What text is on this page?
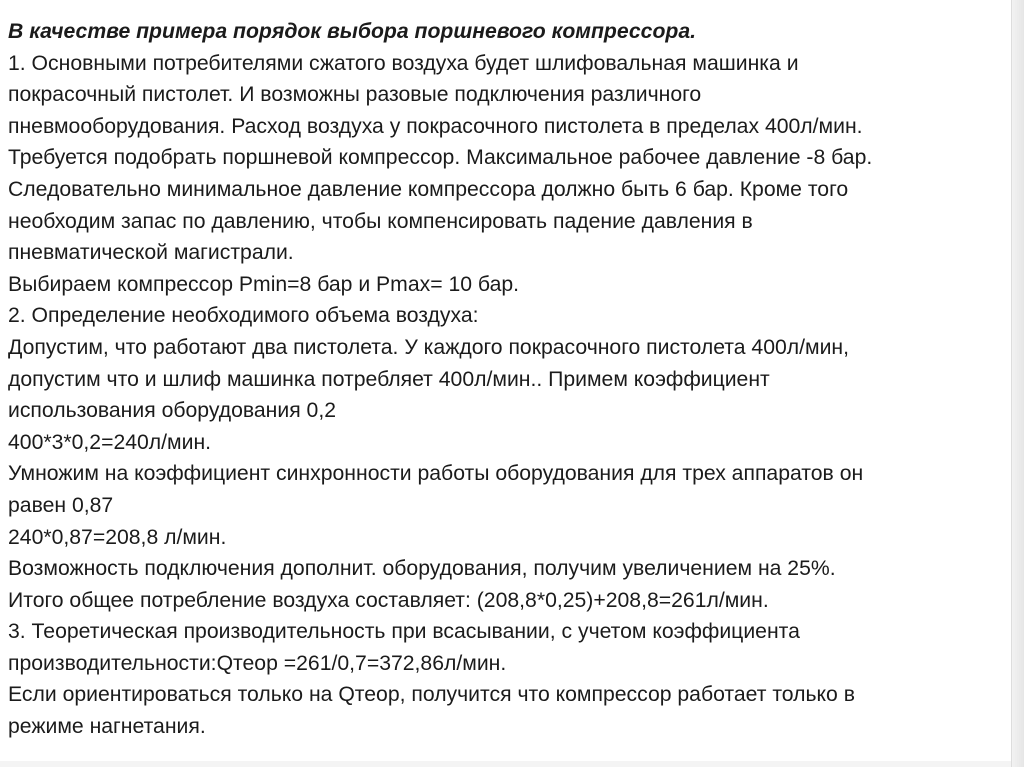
В качестве примера порядок выбора поршневого компрессора.
1. Основными потребителями сжатого воздуха будет шлифовальная машинка и
покрасочный пистолет. И возможны разовые подключения различного
пневмооборудования. Расход воздуха у покрасочного пистолета в пределах 400л/мин.
Требуется подобрать поршневой компрессор. Максимальное рабочее давление -8 бар.
Следовательно минимальное давление компрессора должно быть 6 бар. Кроме того
необходим запас по давлению, чтобы компенсировать падение давления в
пневматической магистрали.
Выбираем компрессор Pmin=8 бар и Pmax= 10 бар.
2. Определение необходимого объема воздуха:
Допустим, что работают два пистолета. У каждого покрасочного пистолета 400л/мин,
допустим что и шлиф машинка потребляет 400л/мин.. Примем коэффициент
использования оборудования 0,2
400*3*0,2=240л/мин.
Умножим на коэффициент синхронности работы оборудования для трех аппаратов он
равен 0,87
240*0,87=208,8 л/мин.
Возможность подключения дополнит. оборудования, получим увеличением на 25%.
Итого общее потребление воздуха составляет: (208,8*0,25)+208,8=261л/мин.
3. Теоретическая производительность при всасывании, с учетом коэффициента
производительности:Qтеор =261/0,7=372,86л/мин.
Если ориентироваться только на Qтеор, получится что компрессор работает только в
режиме нагнетания.
